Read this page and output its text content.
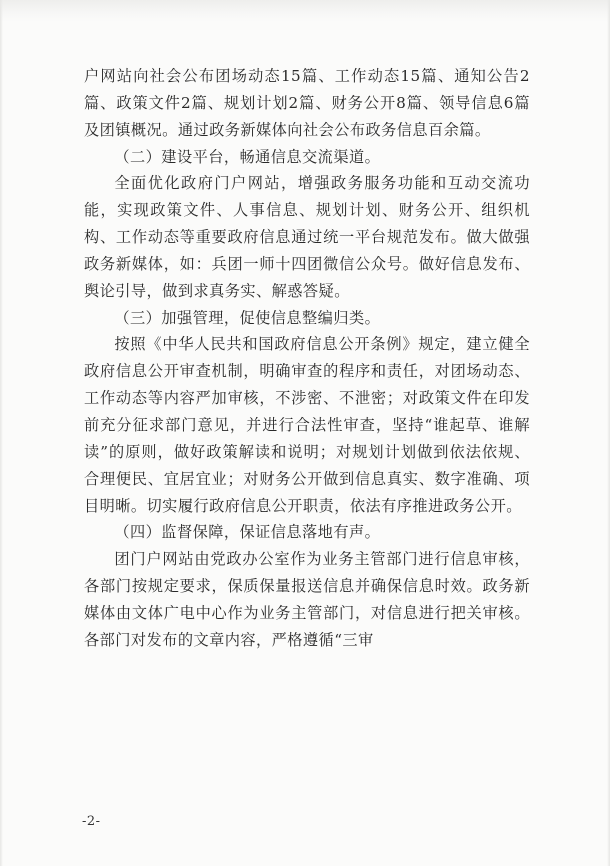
户网站向社会公布团场动态15篇、工作动态15篇、通知公告2篇、政策文件2篇、规划计划2篇、财务公开8篇、领导信息6篇及团镇概况。通过政务新媒体向社会公布政务信息百余篇。

（二）建设平台，畅通信息交流渠道。

全面优化政府门户网站，增强政务服务功能和互动交流功能，实现政策文件、人事信息、规划计划、财务公开、组织机构、工作动态等重要政府信息通过统一平台规范发布。做大做强政务新媒体，如：兵团一师十四团微信公众号。做好信息发布、舆论引导，做到求真务实、解惑答疑。

（三）加强管理，促使信息整编归类。

按照《中华人民共和国政府信息公开条例》规定，建立健全政府信息公开审查机制，明确审查的程序和责任，对团场动态、工作动态等内容严加审核，不涉密、不泄密；对政策文件在印发前充分征求部门意见，并进行合法性审查，坚持“谁起草、谁解读”的原则，做好政策解读和说明；对规划计划做到依法依规、合理便民、宜居宜业；对财务公开做到信息真实、数字准确、项目明晰。切实履行政府信息公开职责，依法有序推进政务公开。

（四）监督保障，保证信息落地有声。

团门户网站由党政办公室作为业务主管部门进行信息审核，各部门按规定要求，保质保量报送信息并确保信息时效。政务新媒体由文体广电中心作为业务主管部门，对信息进行把关审核。各部门对发布的文章内容，严格遵循“三审

-2-
